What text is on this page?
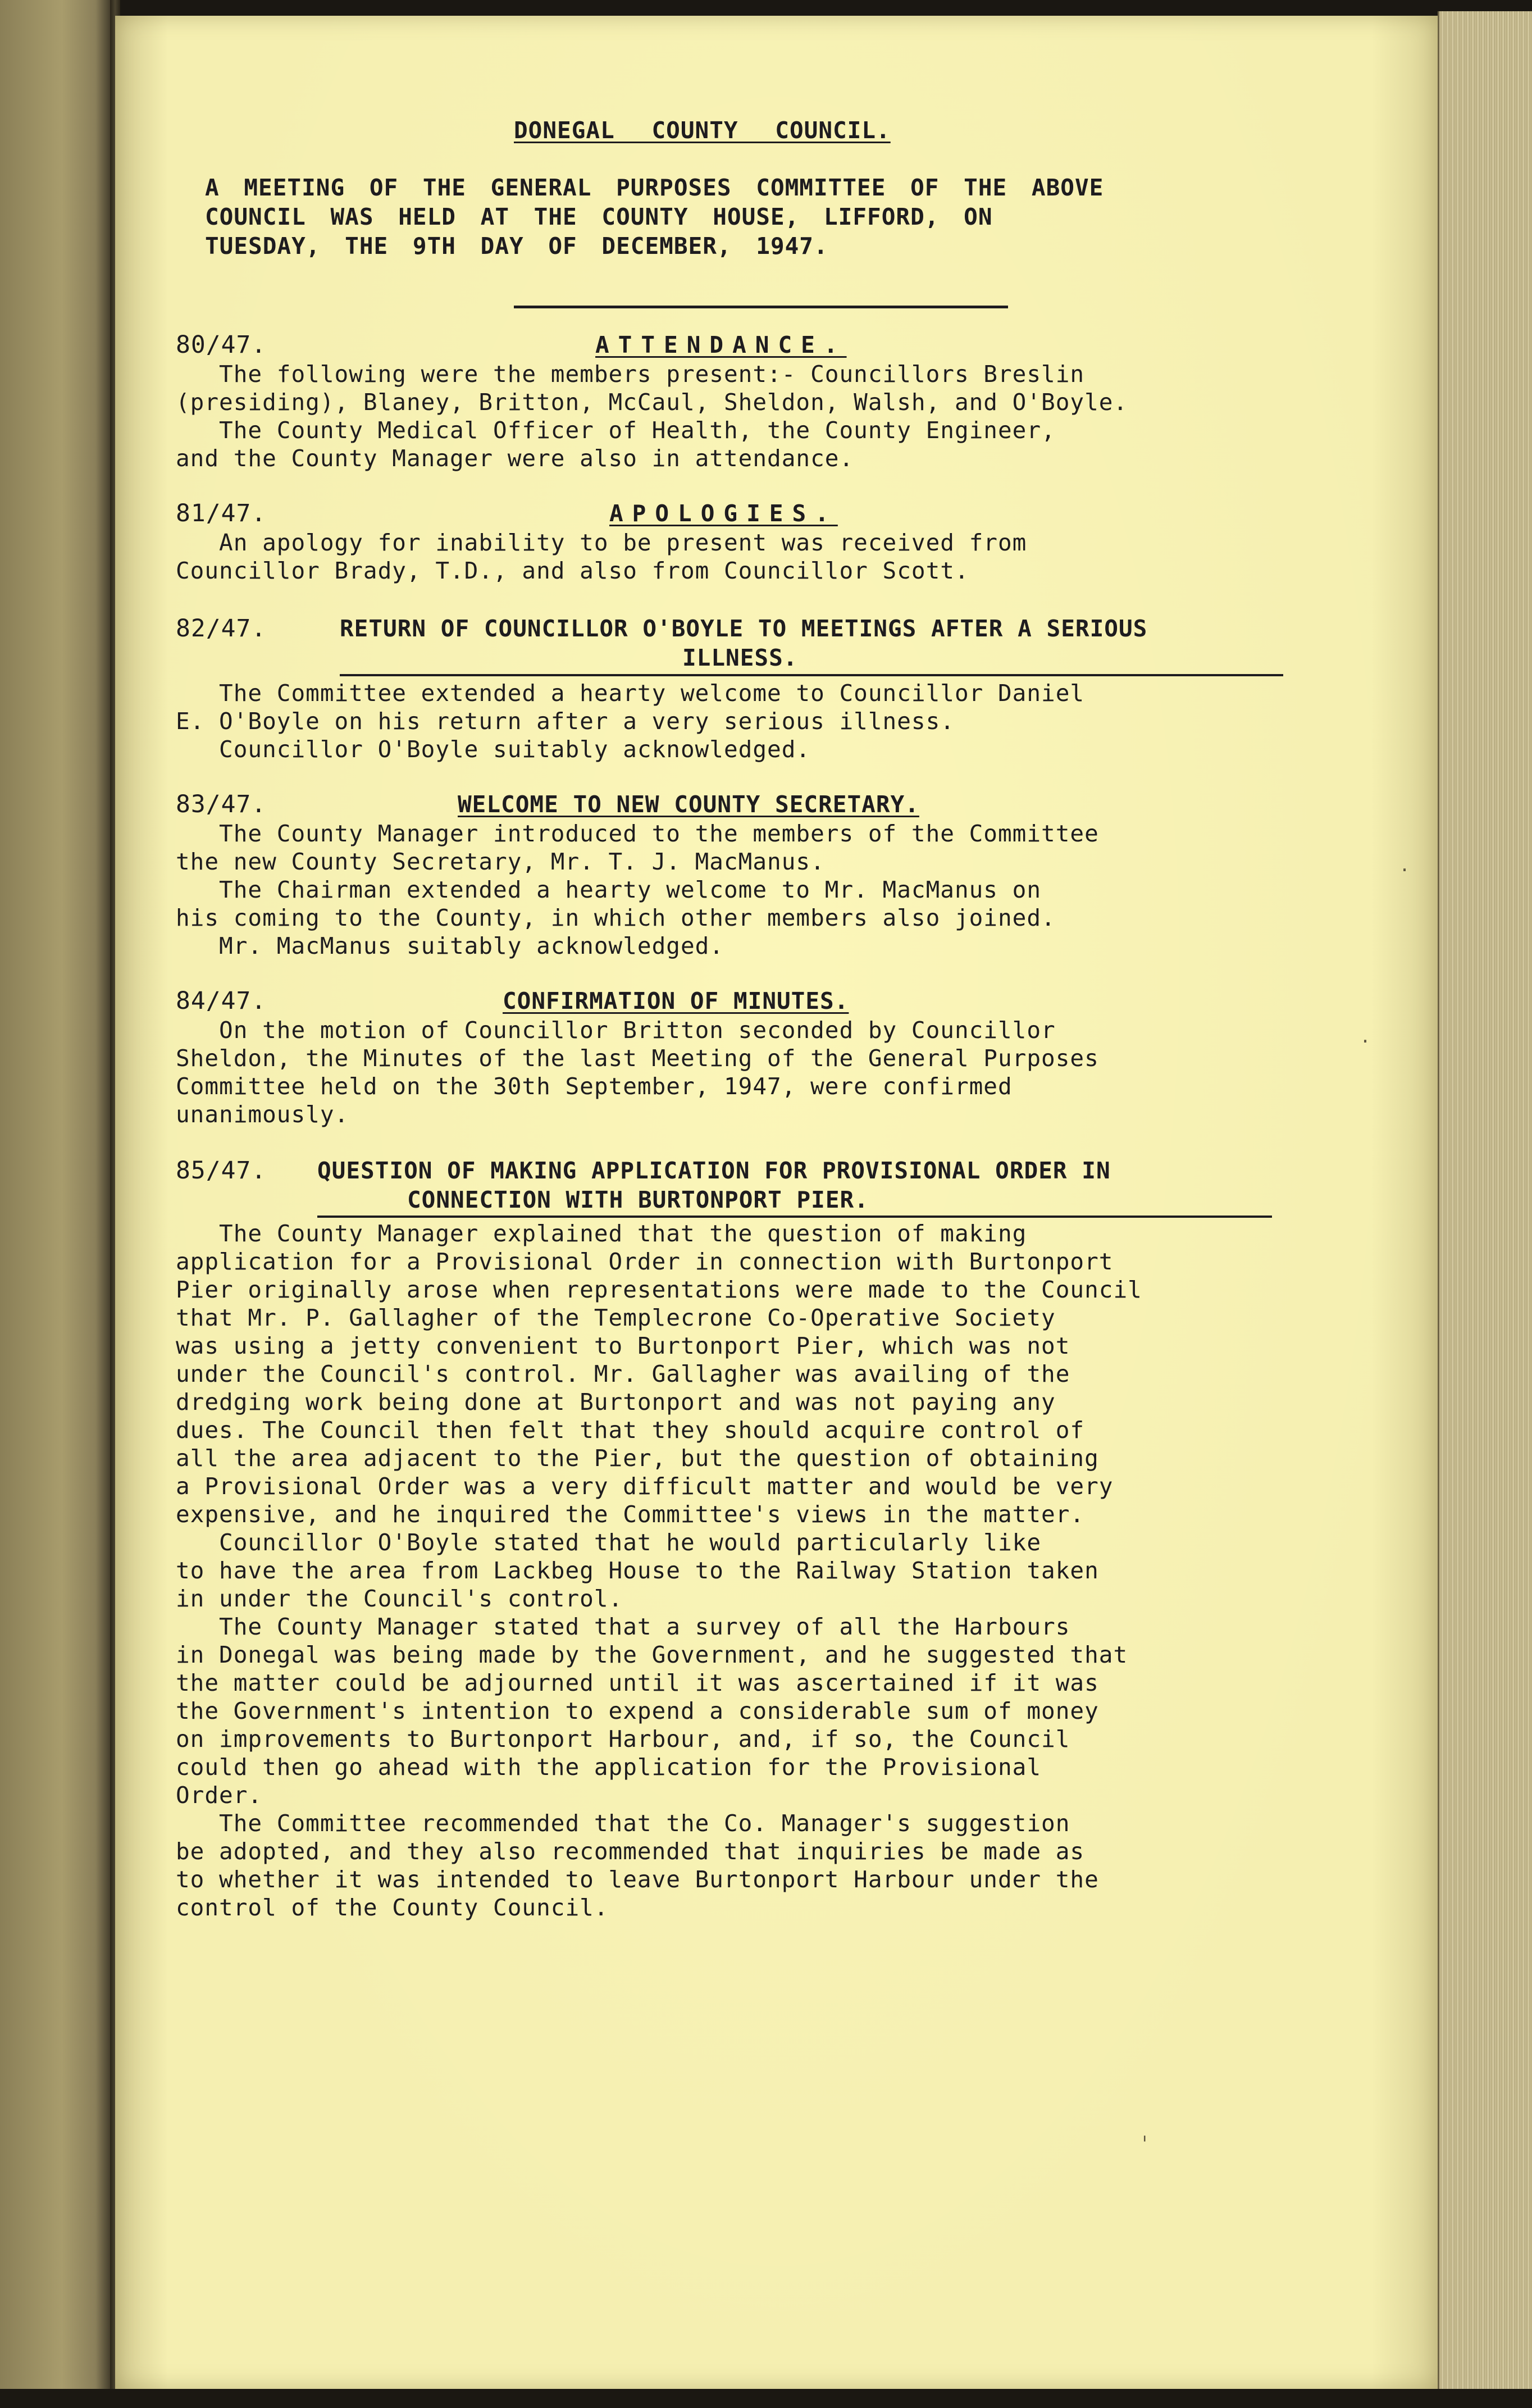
DONEGAL COUNTY COUNCIL.
A MEETING OF THE GENERAL PURPOSES COMMITTEE OF THE ABOVE
COUNCIL WAS HELD AT THE COUNTY HOUSE, LIFFORD, ON
TUESDAY, THE 9TH DAY OF DECEMBER, 1947.
80/47.	ATTENDANCE.
The following were the members present:- Councillors Breslin
(presiding), Blaney, Britton, McCaul, Sheldon, Walsh, and O'Boyle.
The County Medical Officer of Health, the County Engineer,
and the County Manager were also in attendance.
81/47.	APOLOGIES.
An apology for inability to be present was received from
Councillor Brady, T.D., and also from Councillor Scott.
82/47.	RETURN OF COUNCILLOR O'BOYLE TO MEETINGS AFTER A SERIOUS
ILLNESS.
The Committee extended a hearty welcome to Councillor Daniel
E. O'Boyle on his return after a very serious illness.
Councillor O'Boyle suitably acknowledged.
83/47.	WELCOME TO NEW COUNTY SECRETARY.
The County Manager introduced to the members of the Committee
the new County Secretary, Mr. T. J. MacManus.
The Chairman extended a hearty welcome to Mr. MacManus on
his coming to the County, in which other members also joined.
Mr. MacManus suitably acknowledged.
84/47.	CONFIRMATION OF MINUTES.
On the motion of Councillor Britton seconded by Councillor
Sheldon, the Minutes of the last Meeting of the General Purposes
Committee held on the 30th September, 1947, were confirmed
unanimously.
85/47. QUESTION OF MAKING APPLICATION FOR PROVISIONAL ORDER IN
CONNECTION WITH BURTONPORT PIER.
The County Manager explained that the question of making
application for a Provisional Order in connection with Burtonport
Pier originally arose when representations were made to the Council
that Mr. P. Gallagher of the Templecrone Co-Operative Society
was using a jetty convenient to Burtonport Pier, which was not
under the Council's control. Mr. Gallagher was availing of the
dredging work being done at Burtonport and was not paying any
dues. The Council then felt that they should acquire control of
all the area adjacent to the Pier, but the question of obtaining
a Provisional Order was a very difficult matter and would be very
expensive, and he inquired the Committee's views in the matter.
Councillor O'Boyle stated that he would particularly like
to have the area from Lackbeg House to the Railway Station taken
in under the Council's control.
The County Manager stated that a survey of all the Harbours
in Donegal was being made by the Government, and he suggested that
the matter could be adjourned until it was ascertained if it was
the Government's intention to expend a considerable sum of money
on improvements to Burtonport Harbour, and, if so, the Council
could then go ahead with the application for the Provisional
Order.
The Committee recommended that the Co. Manager's suggestion
be adopted, and they also recommended that inquiries be made as
to whether it was intended to leave Burtonport Harbour under the
control of the County Council.
·
·
ˌ
